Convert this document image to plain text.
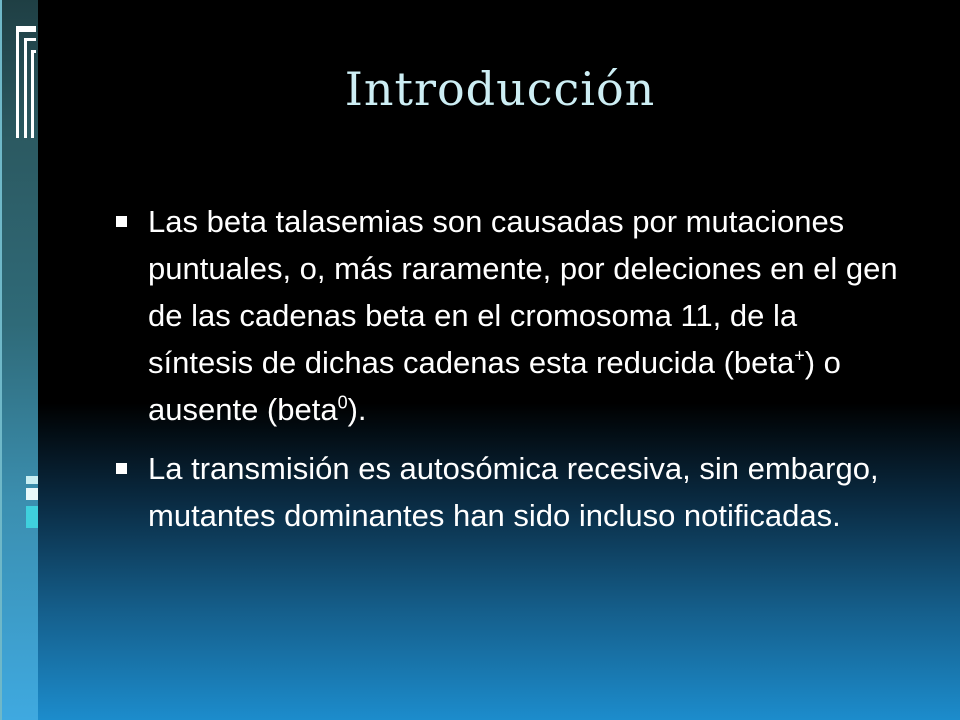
Introducción
Las beta talasemias son causadas por mutaciones puntuales, o, más raramente, por deleciones en el gen de las cadenas beta en el cromosoma 11, de la síntesis de dichas cadenas esta reducida (beta+) o ausente (beta$^0$).
La transmisión es autosómica recesiva, sin embargo, mutantes dominantes han sido incluso notificadas.
